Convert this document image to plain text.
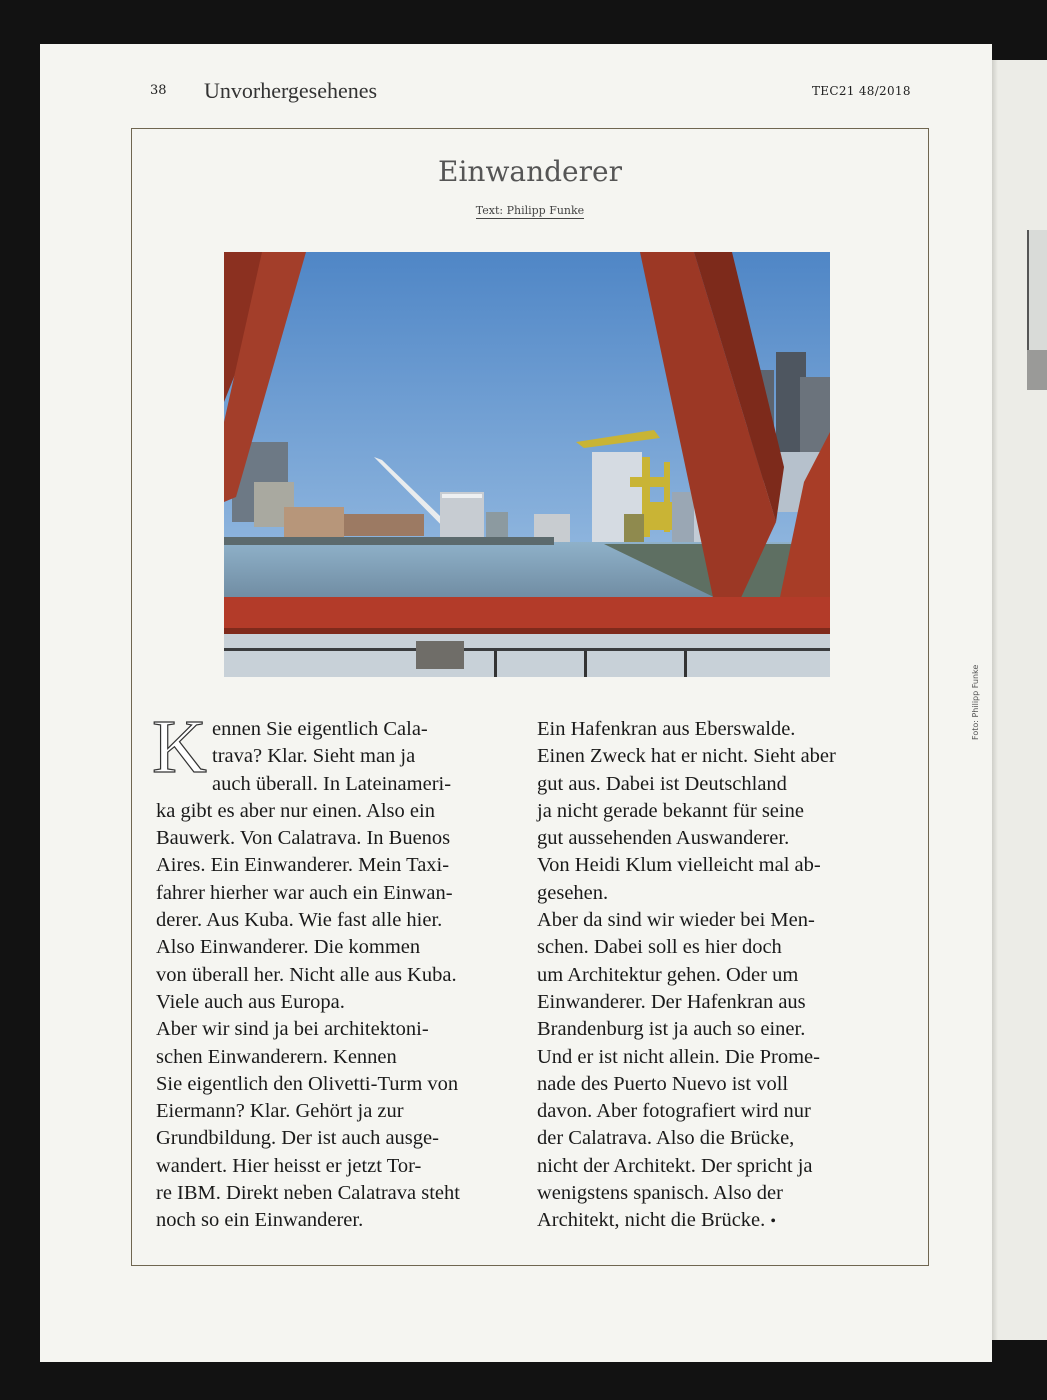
38 Unvorhergesehenes	TEC21 48/2018
Einwanderer
Text: Philipp Funke
K ennen Sie eigentlich Cala-
trava? Klar. Sieht man ja
auch überall. In Lateinameri-
ka gibt es aber nur einen. Also ein
Bauwerk. Von Calatrava. In Buenos
Aires. Ein Einwanderer. Mein Taxi-
fahrer hierher war auch ein Einwan-
derer. Aus Kuba. Wie fast alle hier.
Also Einwanderer. Die kommen
von überall her. Nicht alle aus Kuba.
Viele auch aus Europa.
Aber wir sind ja bei architektoni-
schen Einwanderern. Kennen
Sie eigentlich den Olivetti-Turm von
Eiermann? Klar. Gehört ja zur
Grundbildung. Der ist auch ausge-
wandert. Hier heisst er jetzt Tor-
re IBM. Direkt neben Calatrava steht
noch so ein Einwanderer.
Ein Hafenkran aus Eberswalde.
Einen Zweck hat er nicht. Sieht aber
gut aus. Dabei ist Deutschland
ja nicht gerade bekannt für seine
gut aussehenden Auswanderer.
Von Heidi Klum vielleicht mal ab-
gesehen.
Aber da sind wir wieder bei Men-
schen. Dabei soll es hier doch
um Architektur gehen. Oder um
Einwanderer. Der Hafenkran aus
Brandenburg ist ja auch so einer.
Und er ist nicht allein. Die Prome-
nade des Puerto Nuevo ist voll
davon. Aber fotografiert wird nur
der Calatrava. Also die Brücke,
nicht der Architekt. Der spricht ja
wenigstens spanisch. Also der
Architekt, nicht die Brücke. •
Foto: Philipp Funke
